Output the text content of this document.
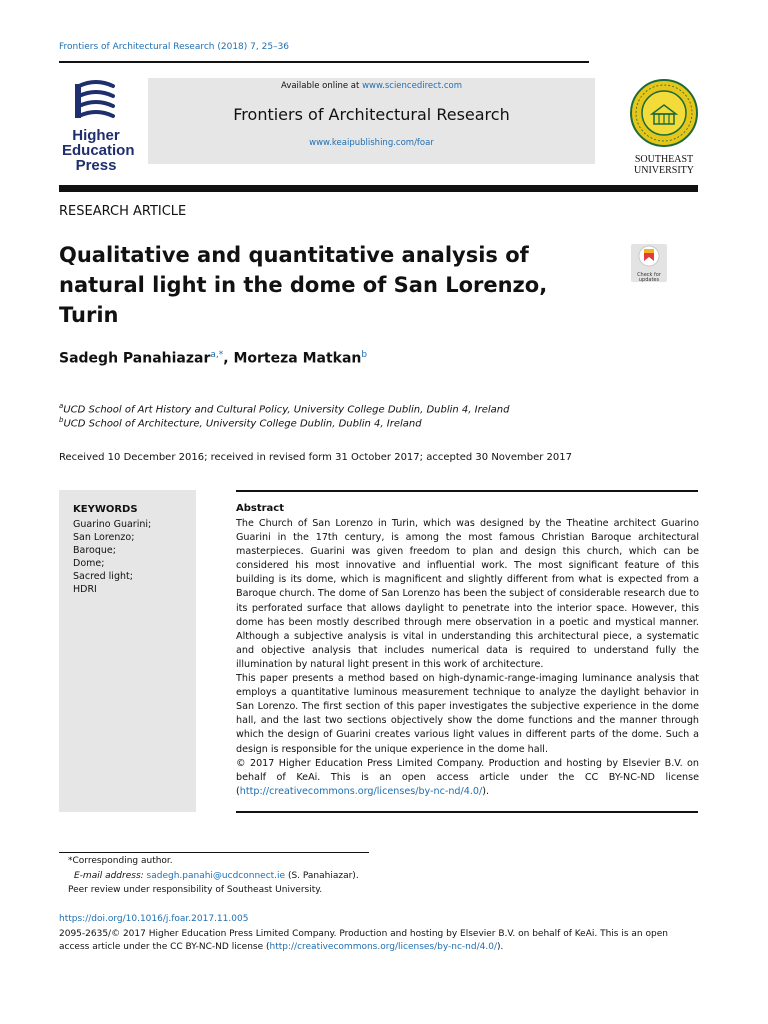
Frontiers of Architectural Research (2018) 7, 25–36
Higher
Education
Press
Available online at www.sciencedirect.com
Frontiers of Architectural Research
www.keaipublishing.com/foar
SOUTHEAST
UNIVERSITY
RESEARCH ARTICLE
Qualitative and quantitative analysis of natural light in the dome of San Lorenzo, Turin
Check for updates
Sadegh Panahiazar$^{a,*}$, Morteza Matkan$^b$
$^a$UCD School of Art History and Cultural Policy, University College Dublin, Dublin 4, Ireland
$^b$UCD School of Architecture, University College Dublin, Dublin 4, Ireland
Received 10 December 2016; received in revised form 31 October 2017; accepted 30 November 2017
KEYWORDS
Guarino Guarini;
San Lorenzo;
Baroque;
Dome;
Sacred light;
HDRI
Abstract

The Church of San Lorenzo in Turin, which was designed by the Theatine architect Guarino Guarini in the 17th century, is among the most famous Christian Baroque architectural masterpieces. Guarini was given freedom to plan and design this church, which can be considered his most innovative and influential work. The most significant feature of this building is its dome, which is magnificent and slightly different from what is expected from a Baroque church. The dome of San Lorenzo has been the subject of considerable research due to its perforated surface that allows daylight to penetrate into the interior space. However, this dome has been mostly described through mere observation in a poetic and mystical manner. Although a subjective analysis is vital in understanding this architectural piece, a systematic and objective analysis that includes numerical data is required to understand fully the illumination by natural light present in this work of architecture.

This paper presents a method based on high-dynamic-range-imaging luminance analysis that employs a quantitative luminous measurement technique to analyze the daylight behavior in San Lorenzo. The first section of this paper investigates the subjective experience in the dome hall, and the last two sections objectively show the dome functions and the manner through which the design of Guarini creates various light values in different parts of the dome. Such a design is responsible for the unique experience in the dome hall.

© 2017 Higher Education Press Limited Company. Production and hosting by Elsevier B.V. on behalf of KeAi. This is an open access article under the CC BY-NC-ND license (http://creativecommons.org/licenses/by-nc-nd/4.0/).

*Corresponding author.
E-mail address: sadegh.panahi@ucdconnect.ie (S. Panahiazar).
Peer review under responsibility of Southeast University.
https://doi.org/10.1016/j.foar.2017.11.005
2095-2635/© 2017 Higher Education Press Limited Company. Production and hosting by Elsevier B.V. on behalf of KeAi. This is an open access article under the CC BY-NC-ND license (http://creativecommons.org/licenses/by-nc-nd/4.0/).
